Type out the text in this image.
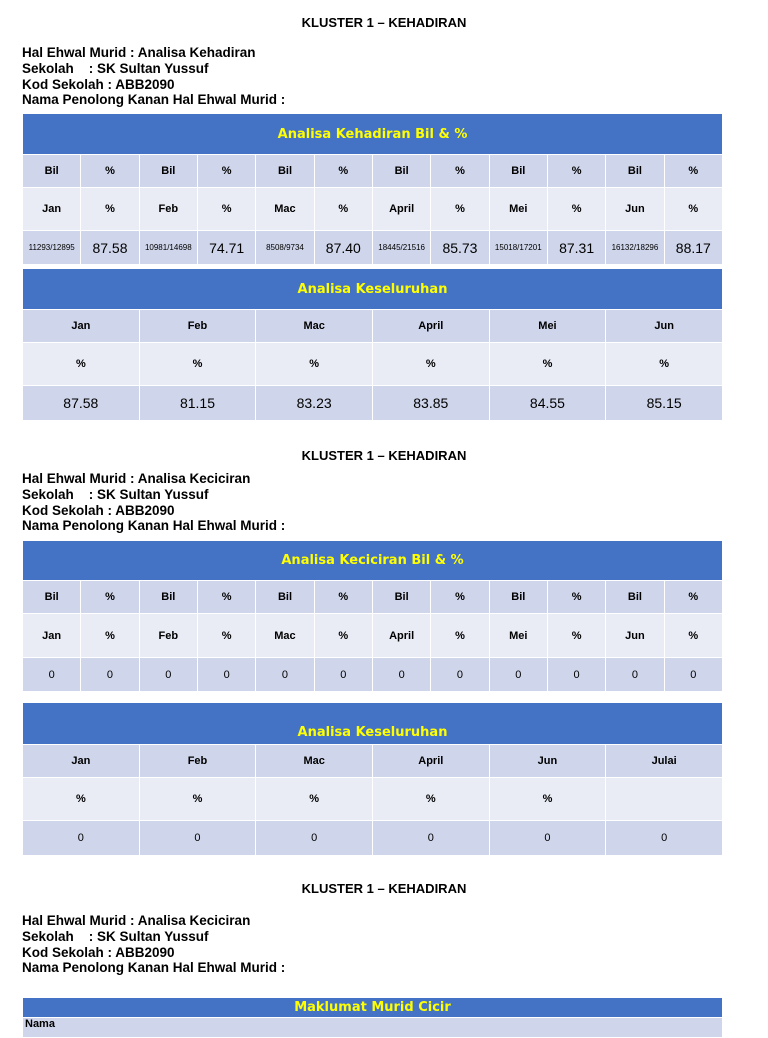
KLUSTER 1 – KEHADIRAN
Hal Ehwal Murid : Analisa Kehadiran
Sekolah    : SK Sultan Yussuf
Kod Sekolah : ABB2090
Nama Penolong Kanan Hal Ehwal Murid :
Analisa Kehadiran Bil & %											
Bil	%	Bil	%	Bil	%	Bil	%	Bil	%	Bil	%
Jan	%	Feb	%	Mac	%	April	%	Mei	%	Jun	%
11293/12895	87.58	10981/14698	74.71	8508/9734	87.40	18445/21516	85.73	15018/17201	87.31	16132/18296	88.17
Analisa Keseluruhan					
Jan	Feb	Mac	April	Mei	Jun
%	%	%	%	%	%
87.58	81.15	83.23	83.85	84.55	85.15
KLUSTER 1 – KEHADIRAN
Hal Ehwal Murid : Analisa Keciciran
Sekolah    : SK Sultan Yussuf
Kod Sekolah : ABB2090
Nama Penolong Kanan Hal Ehwal Murid :
Analisa Keciciran Bil & %											
Bil	%	Bil	%	Bil	%	Bil	%	Bil	%	Bil	%
Jan	%	Feb	%	Mac	%	April	%	Mei	%	Jun	%
0	0	0	0	0	0	0	0	0	0	0	0
Analisa Keseluruhan					
Jan	Feb	Mac	April	Jun	Julai
%	%	%	%	%	
0	0	0	0	0	0
KLUSTER 1 – KEHADIRAN
Hal Ehwal Murid : Analisa Keciciran
Sekolah    : SK Sultan Yussuf
Kod Sekolah : ABB2090
Nama Penolong Kanan Hal Ehwal Murid :
Maklumat Murid Cicir
Nama
